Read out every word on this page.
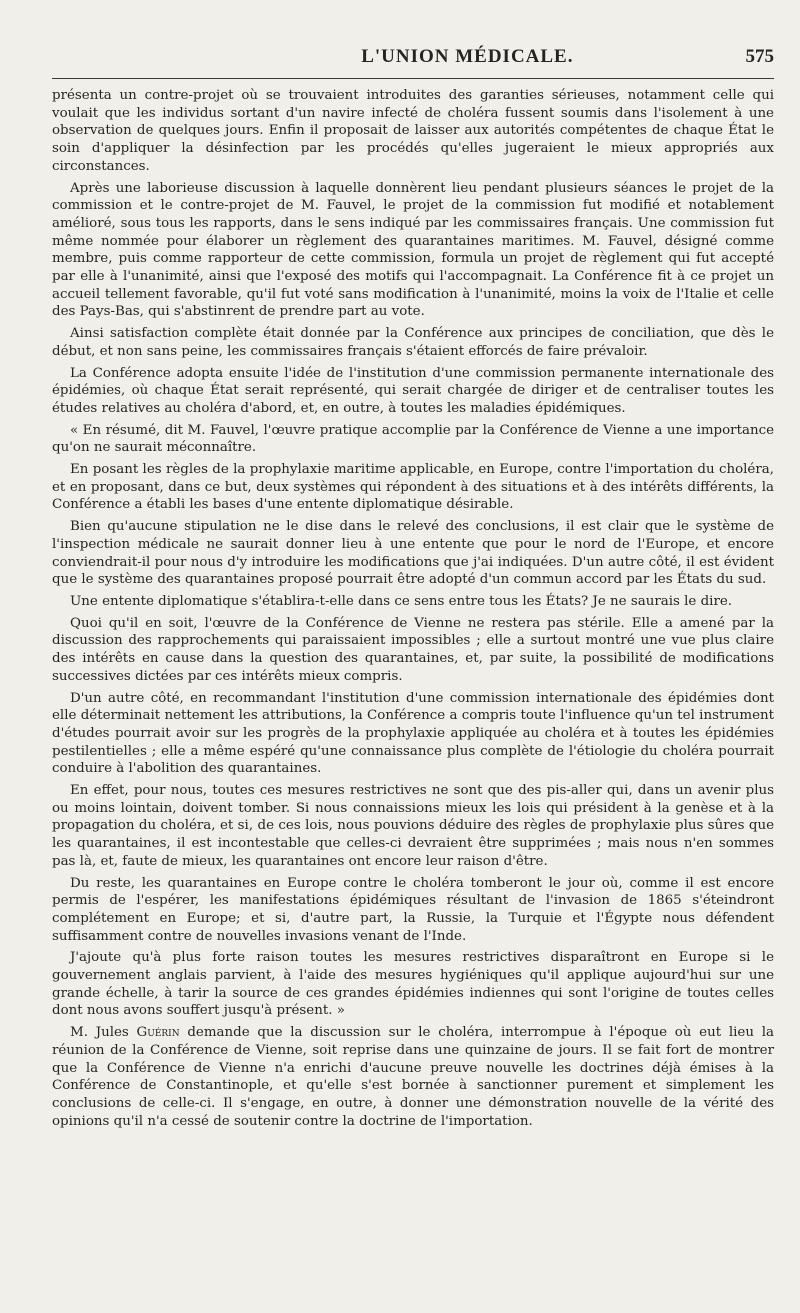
L'UNION MÉDICALE.	575

présenta un contre-projet où se trouvaient introduites des garanties sérieuses, notamment celle qui voulait que les individus sortant d'un navire infecté de choléra fussent soumis dans l'isolement à une observation de quelques jours. Enfin il proposait de laisser aux autorités compétentes de chaque État le soin d'appliquer la désinfection par les procédés qu'elles jugeraient le mieux appropriés aux circonstances.

Après une laborieuse discussion à laquelle donnèrent lieu pendant plusieurs séances le projet de la commission et le contre-projet de M. Fauvel, le projet de la commission fut modifié et notablement amélioré, sous tous les rapports, dans le sens indiqué par les commissaires français. Une commission fut même nommée pour élaborer un règlement des quarantaines maritimes. M. Fauvel, désigné comme membre, puis comme rapporteur de cette commission, formula un projet de règlement qui fut accepté par elle à l'unanimité, ainsi que l'exposé des motifs qui l'accompagnait. La Conférence fit à ce projet un accueil tellement favorable, qu'il fut voté sans modification à l'unanimité, moins la voix de l'Italie et celle des Pays-Bas, qui s'abstinrent de prendre part au vote.

Ainsi satisfaction complète était donnée par la Conférence aux principes de conciliation, que dès le début, et non sans peine, les commissaires français s'étaient efforcés de faire prévaloir.

La Conférence adopta ensuite l'idée de l'institution d'une commission permanente internationale des épidémies, où chaque État serait représenté, qui serait chargée de diriger et de centraliser toutes les études relatives au choléra d'abord, et, en outre, à toutes les maladies épidémiques.

« En résumé, dit M. Fauvel, l'œuvre pratique accomplie par la Conférence de Vienne a une importance qu'on ne saurait méconnaître.

En posant les règles de la prophylaxie maritime applicable, en Europe, contre l'importation du choléra, et en proposant, dans ce but, deux systèmes qui répondent à des situations et à des intérêts différents, la Conférence a établi les bases d'une entente diplomatique désirable.

Bien qu'aucune stipulation ne le dise dans le relevé des conclusions, il est clair que le système de l'inspection médicale ne saurait donner lieu à une entente que pour le nord de l'Europe, et encore conviendrait-il pour nous d'y introduire les modifications que j'ai indiquées. D'un autre côté, il est évident que le système des quarantaines proposé pourrait être adopté d'un commun accord par les États du sud.

Une entente diplomatique s'établira-t-elle dans ce sens entre tous les États? Je ne saurais le dire.

Quoi qu'il en soit, l'œuvre de la Conférence de Vienne ne restera pas stérile. Elle a amené par la discussion des rapprochements qui paraissaient impossibles ; elle a surtout montré une vue plus claire des intérêts en cause dans la question des quarantaines, et, par suite, la possibilité de modifications successives dictées par ces intérêts mieux compris.

D'un autre côté, en recommandant l'institution d'une commission internationale des épidémies dont elle déterminait nettement les attributions, la Conférence a compris toute l'influence qu'un tel instrument d'études pourrait avoir sur les progrès de la prophylaxie appliquée au choléra et à toutes les épidémies pestilentielles ; elle a même espéré qu'une connaissance plus complète de l'étiologie du choléra pourrait conduire à l'abolition des quarantaines.

En effet, pour nous, toutes ces mesures restrictives ne sont que des pis-aller qui, dans un avenir plus ou moins lointain, doivent tomber. Si nous connaissions mieux les lois qui président à la genèse et à la propagation du choléra, et si, de ces lois, nous pouvions déduire des règles de prophylaxie plus sûres que les quarantaines, il est incontestable que celles-ci devraient être supprimées ; mais nous n'en sommes pas là, et, faute de mieux, les quarantaines ont encore leur raison d'être.

Du reste, les quarantaines en Europe contre le choléra tomberont le jour où, comme il est encore permis de l'espérer, les manifestations épidémiques résultant de l'invasion de 1865 s'éteindront complétement en Europe; et si, d'autre part, la Russie, la Turquie et l'Égypte nous défendent suffisamment contre de nouvelles invasions venant de l'Inde.

J'ajoute qu'à plus forte raison toutes les mesures restrictives disparaîtront en Europe si le gouvernement anglais parvient, à l'aide des mesures hygiéniques qu'il applique aujourd'hui sur une grande échelle, à tarir la source de ces grandes épidémies indiennes qui sont l'origine de toutes celles dont nous avons souffert jusqu'à présent. »

M. Jules Guérin demande que la discussion sur le choléra, interrompue à l'époque où eut lieu la réunion de la Conférence de Vienne, soit reprise dans une quinzaine de jours. Il se fait fort de montrer que la Conférence de Vienne n'a enrichi d'aucune preuve nouvelle les doctrines déjà émises à la Conférence de Constantinople, et qu'elle s'est bornée à sanctionner purement et simplement les conclusions de celle-ci. Il s'engage, en outre, à donner une démonstration nouvelle de la vérité des opinions qu'il n'a cessé de soutenir contre la doctrine de l'importation.
